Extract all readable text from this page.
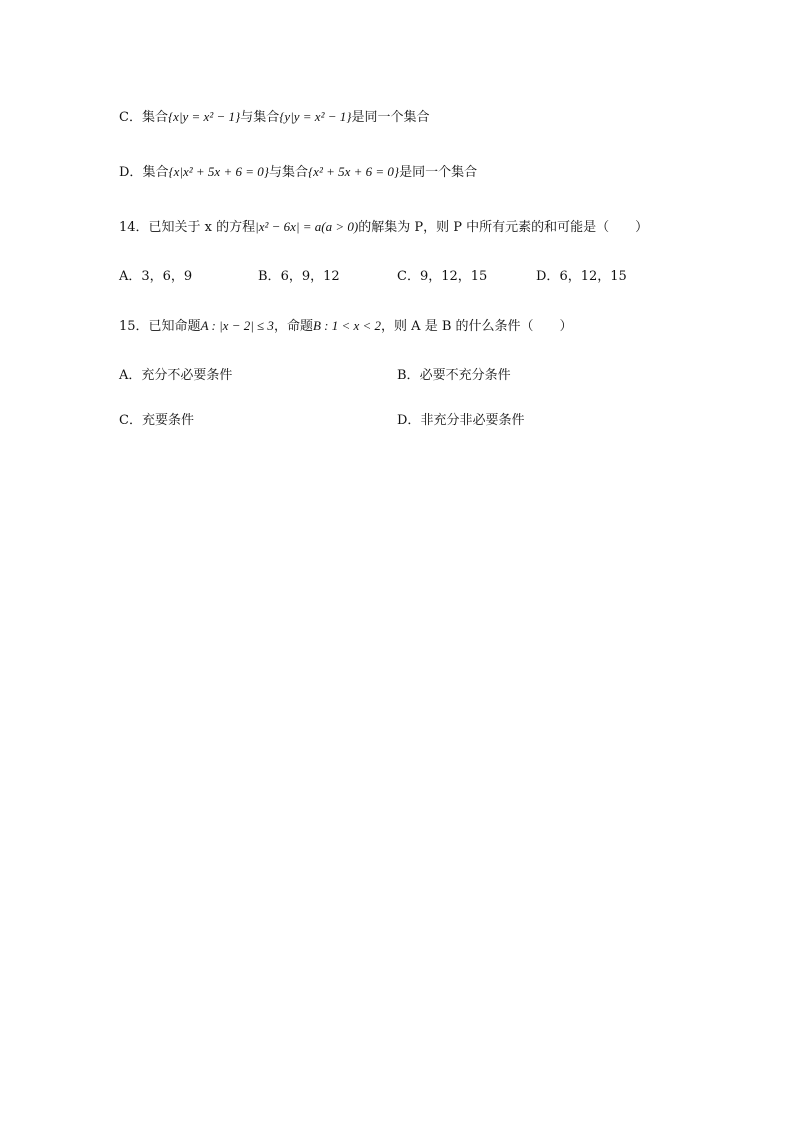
C．集合{x|y = x² − 1}与集合{y|y = x² − 1}是同一个集合
D．集合{x|x² + 5x + 6 = 0}与集合{x² + 5x + 6 = 0}是同一个集合
14．已知关于 x 的方程|x² − 6x| = a(a > 0)的解集为 P，则 P 中所有元素的和可能是（　　）
A．3，6，9	B．6，9，12	C．9，12，15	D．6，12，15
15．已知命题A : |x − 2| ≤ 3，命题B : 1 < x < 2，则 A 是 B 的什么条件（　　）
A．充分不必要条件	B．必要不充分条件
C．充要条件	D．非充分非必要条件
